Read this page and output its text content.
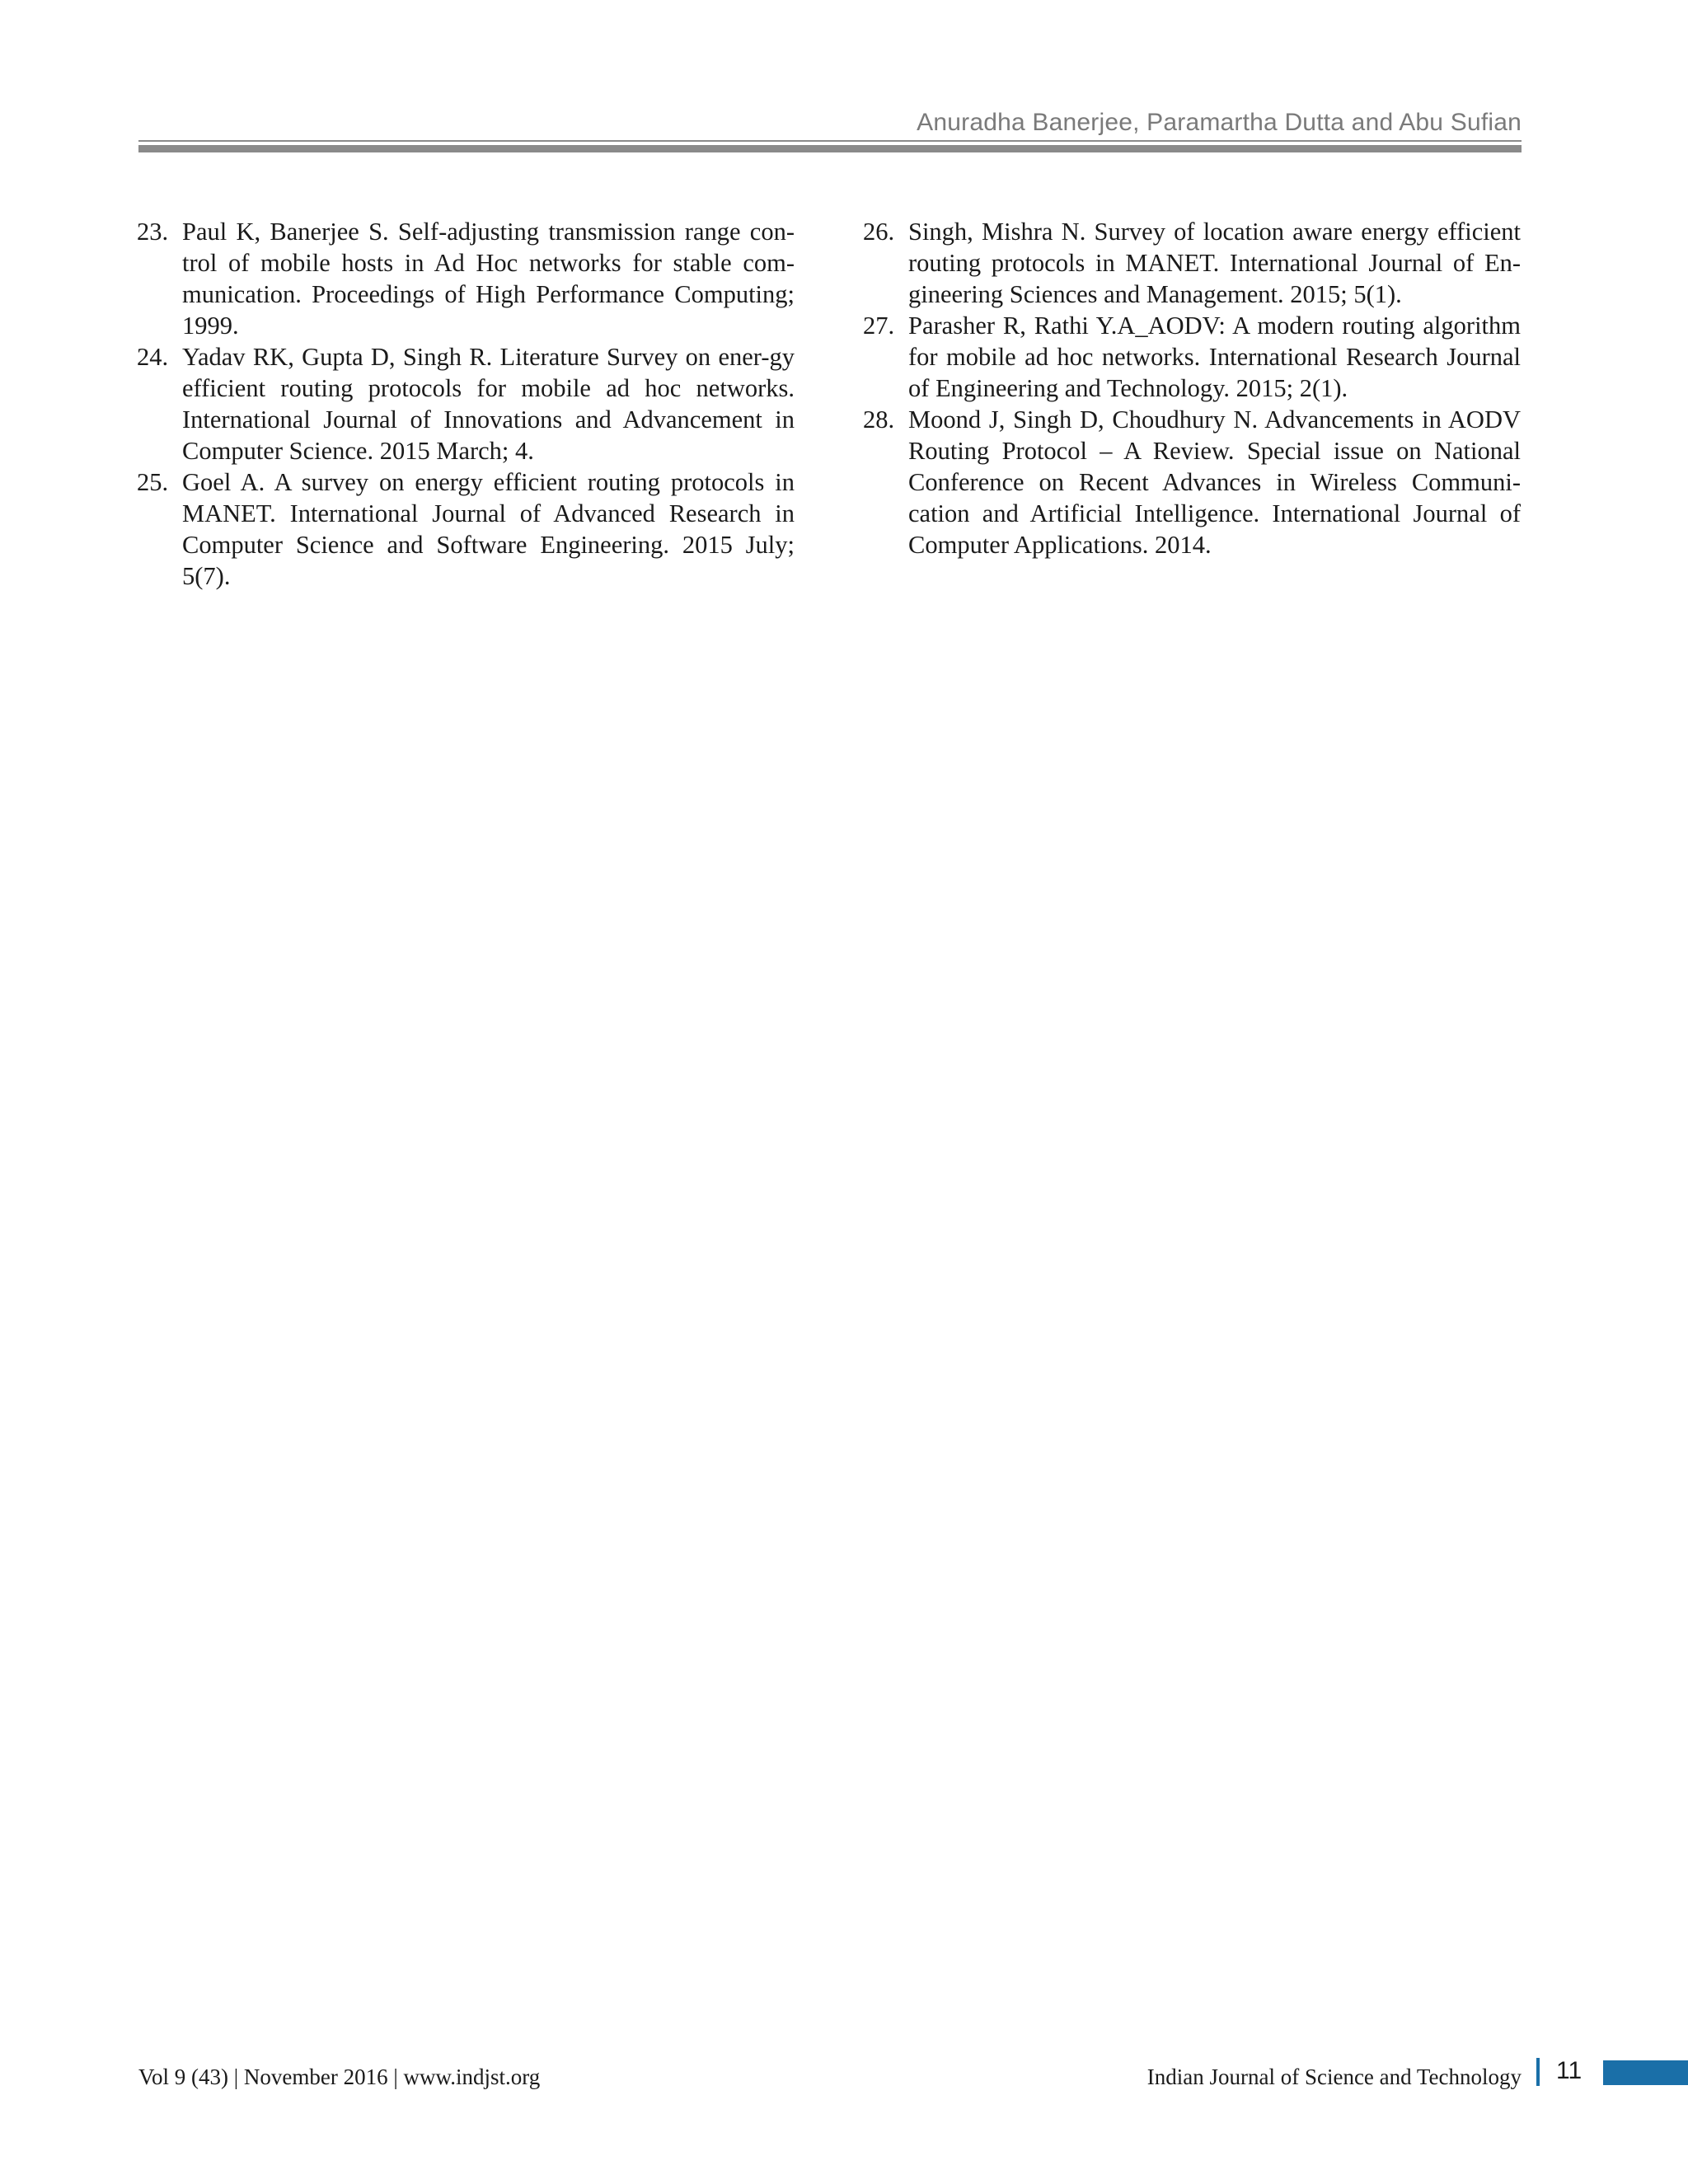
Anuradha Banerjee, Paramartha Dutta and Abu Sufian

23. Paul K, Banerjee S. Self-adjusting transmission range con-trol of mobile hosts in Ad Hoc networks for stable com-munication. Proceedings of High Performance Computing; 1999.

24. Yadav RK, Gupta D, Singh R. Literature Survey on ener-gy efficient routing protocols for mobile ad hoc networks. International Journal of Innovations and Advancement in Computer Science. 2015 March; 4.

25. Goel A. A survey on energy efficient routing protocols in MANET. International Journal of Advanced Research in Computer Science and Software Engineering. 2015 July; 5(7).

26. Singh, Mishra N. Survey of location aware energy efficient routing protocols in MANET. International Journal of En-gineering Sciences and Management. 2015; 5(1).

27. Parasher R, Rathi Y.A_AODV: A modern routing algorithm for mobile ad hoc networks. International Research Journal of Engineering and Technology. 2015; 2(1).

28. Moond J, Singh D, Choudhury N. Advancements in AODV Routing Protocol – A Review. Special issue on National Conference on Recent Advances in Wireless Communi-cation and Artificial Intelligence. International Journal of Computer Applications. 2014.

Vol 9 (43) | November 2016 | www.indjst.org	Indian Journal of Science and Technology 11
